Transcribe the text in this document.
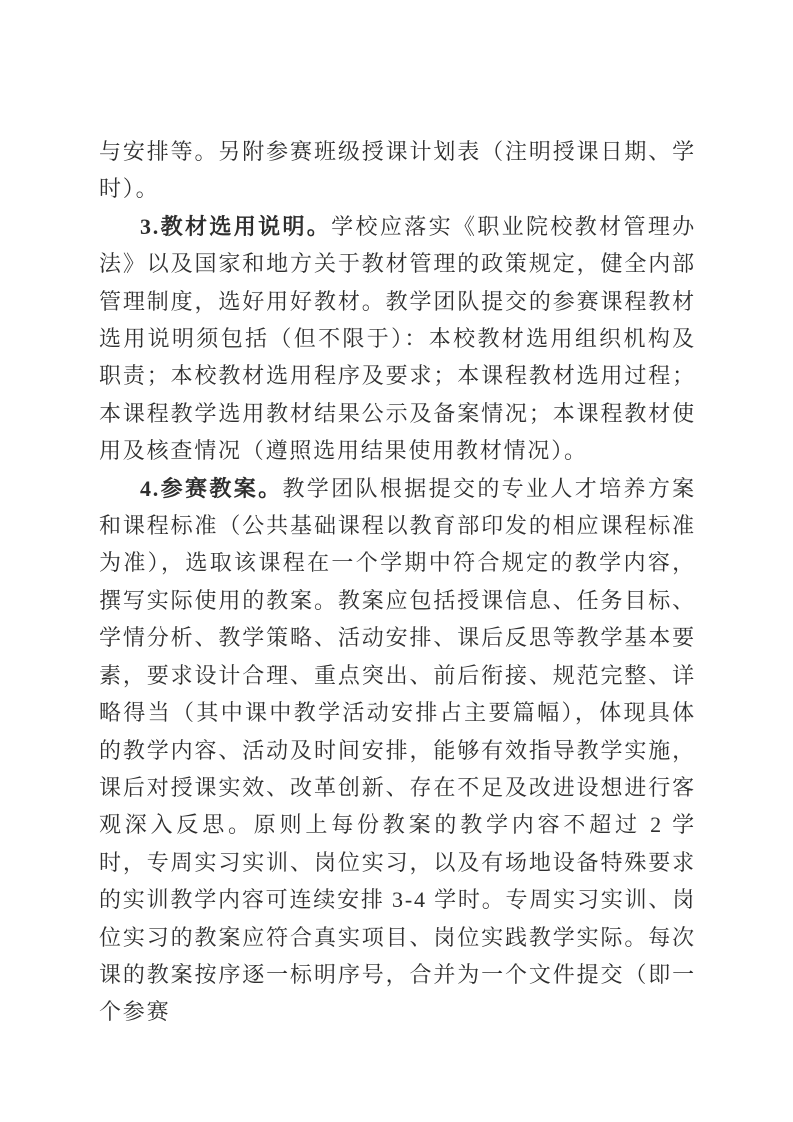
与安排等。另附参赛班级授课计划表（注明授课日期、学时）。

3.教材选用说明。学校应落实《职业院校教材管理办法》以及国家和地方关于教材管理的政策规定，健全内部管理制度，选好用好教材。教学团队提交的参赛课程教材选用说明须包括（但不限于）：本校教材选用组织机构及职责；本校教材选用程序及要求；本课程教材选用过程；本课程教学选用教材结果公示及备案情况；本课程教材使用及核查情况（遵照选用结果使用教材情况）。

4.参赛教案。教学团队根据提交的专业人才培养方案和课程标准（公共基础课程以教育部印发的相应课程标准为准），选取该课程在一个学期中符合规定的教学内容，撰写实际使用的教案。教案应包括授课信息、任务目标、学情分析、教学策略、活动安排、课后反思等教学基本要素，要求设计合理、重点突出、前后衔接、规范完整、详略得当（其中课中教学活动安排占主要篇幅），体现具体的教学内容、活动及时间安排，能够有效指导教学实施，课后对授课实效、改革创新、存在不足及改进设想进行客观深入反思。原则上每份教案的教学内容不超过 2 学时，专周实习实训、岗位实习，以及有场地设备特殊要求的实训教学内容可连续安排 3-4 学时。专周实习实训、岗位实习的教案应符合真实项目、岗位实践教学实际。每次课的教案按序逐一标明序号，合并为一个文件提交（即一个参赛
